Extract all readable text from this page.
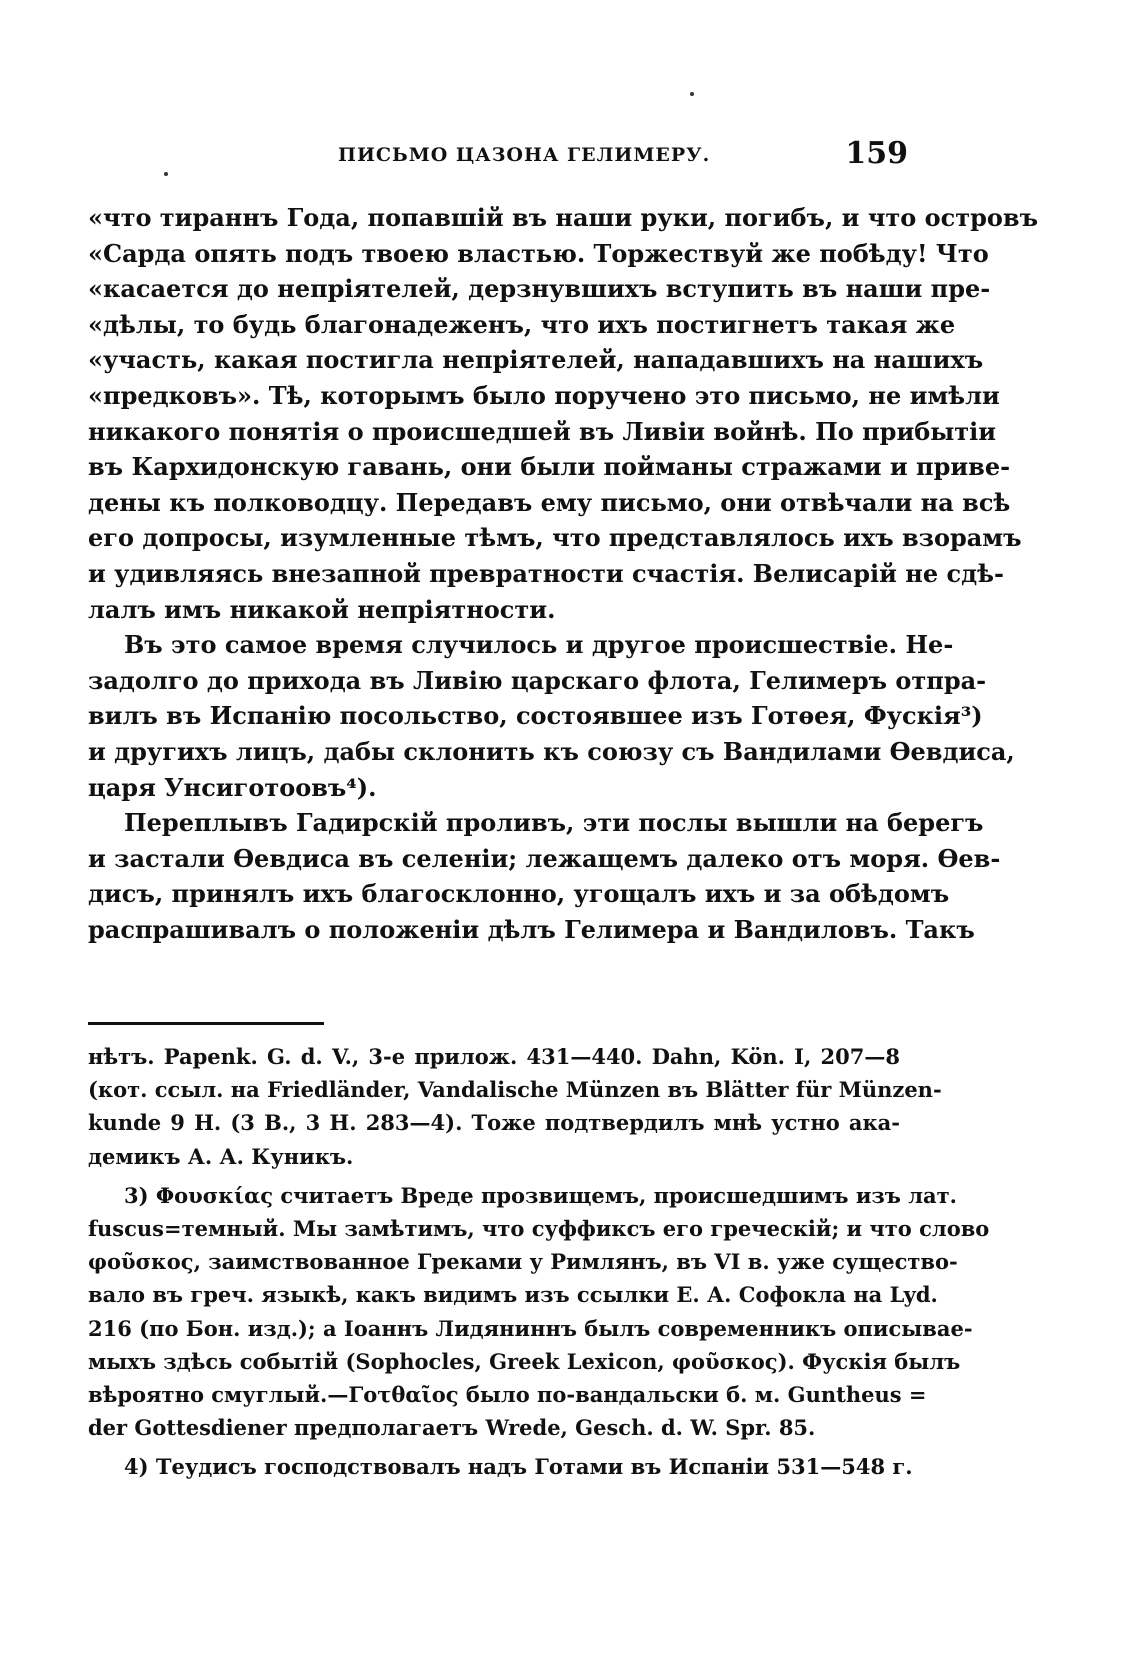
ПИСЬМО ЦАЗОНА ГЕЛИМЕРУ.	159
«что тираннъ Года, попавшій въ наши руки, погибъ, и что островъ
«Сарда опять подъ твоею властью. Торжествуй же побѣду! Что
«касается до непріятелей, дерзнувшихъ вступить въ наши пре-
«дѣлы, то будь благонадеженъ, что ихъ постигнетъ такая же
«участь, какая постигла непріятелей, нападавшихъ на нашихъ
«предковъ». Тѣ, которымъ было поручено это письмо, не имѣли
никакого понятія о происшедшей въ Ливіи войнѣ. По прибытіи
въ Кархидонскую гавань, они были пойманы стражами и приве-
дены къ полководцу. Передавъ ему письмо, они отвѣчали на всѣ
его допросы, изумленные тѣмъ, что представлялось ихъ взорамъ
и удивляясь внезапной превратности счастія. Велисарій не сдѣ-
лалъ имъ никакой непріятности.
Въ это самое время случилось и другое происшествіе. Не-
задолго до прихода въ Ливію царскаго флота, Гелимеръ отпра-
вилъ въ Испанію посольство, состоявшее изъ Готѳея, Фускія³)
и другихъ лицъ, дабы склонить къ союзу съ Вандилами Ѳевдиса,
царя Унсиготоовъ⁴).
Переплывъ Гадирскій проливъ, эти послы вышли на берегъ
и застали Ѳевдиса въ селеніи; лежащемъ далеко отъ моря. Ѳев-
дисъ, принялъ ихъ благосклонно, угощалъ ихъ и за обѣдомъ
распрашивалъ о положеніи дѣлъ Гелимера и Вандиловъ. Такъ
нѣтъ. Papenk. G. d. V., 3-е прилож. 431—440. Dahn, Kön. I, 207—8
(кот. ссыл. на Friedländer, Vandalische Münzen въ Blätter für Münzen-
kunde 9 H. (3 B., 3 H. 283—4). Тоже подтвердилъ мнѣ устно ака-
демикъ А. А. Куникъ.
3) Φουσκίας считаетъ Вреде прозвищемъ, происшедшимъ изъ лат.
fuscus=темный. Мы замѣтимъ, что суффиксъ его греческій; и что слово
φοῦσκος, заимствованное Греками у Римлянъ, въ VI в. уже существо-
вало въ греч. языкѣ, какъ видимъ изъ ссылки Е. А. Софокла на Lyd.
216 (по Бон. изд.); а Іоаннъ Лидяниннъ былъ современникъ описывае-
мыхъ здѣсь событій (Sophocles, Greek Lexicon, φοῦσκος). Фускія былъ
вѣроятно смуглый.—Γοτθαῖος было по-вандальски б. м. Guntheus =
der Gottesdiener предполагаетъ Wrede, Gesch. d. W. Spr. 85.
4) Теудисъ господствовалъ надъ Готами въ Испаніи 531—548 г.
